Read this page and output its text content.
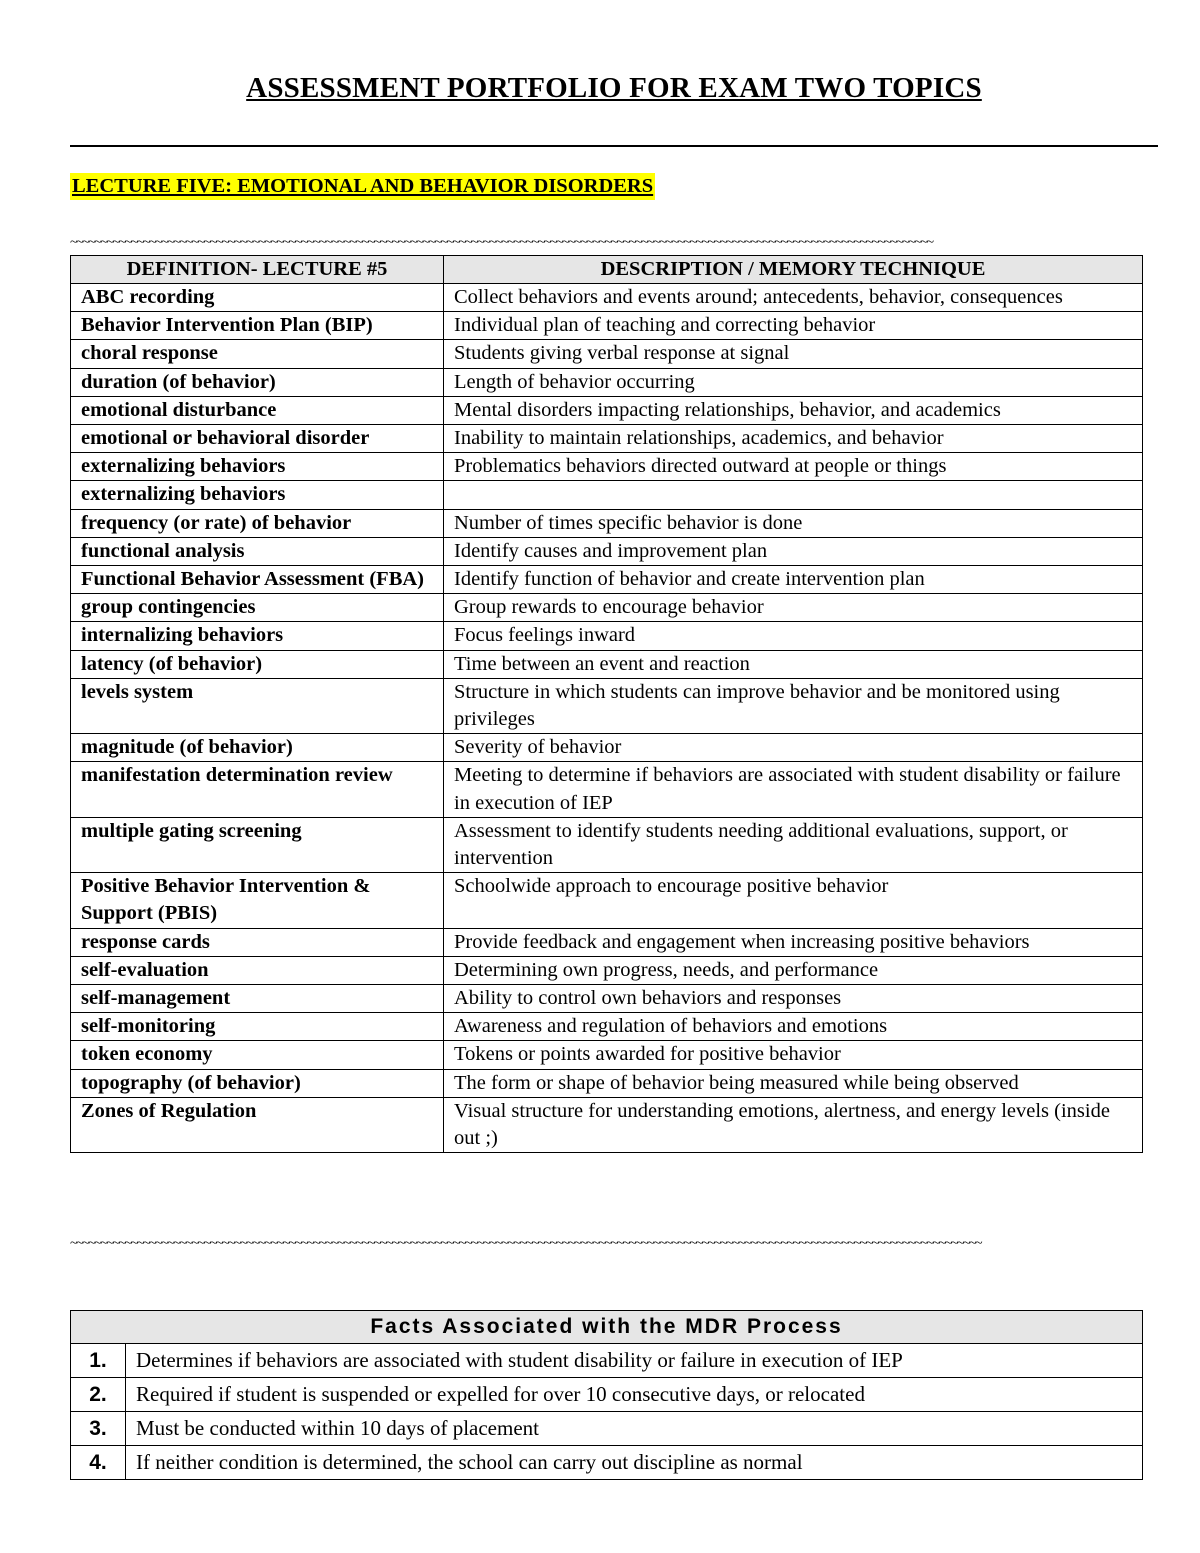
ASSESSMENT PORTFOLIO FOR EXAM TWO TOPICS
LECTURE FIVE: EMOTIONAL AND BEHAVIOR DISORDERS
~~~~~~~~~~~~~~~~~~~~~~~~~~~~~~~~~~~~~~~~~~~~~~~~~~~~~~~~~~~~~~~~~~~~~~~~~~~~~~~~~~~~~~~~~~~~~~~~~~~~~~~~~~~~~~~~~~~~~~~~~~~~~~~~~~~~~~~~~~~~~~
DEFINITION- LECTURE #5	DESCRIPTION / MEMORY TECHNIQUE
ABC recording	Collect behaviors and events around; antecedents, behavior, consequences
Behavior Intervention Plan (BIP)	Individual plan of teaching and correcting behavior
choral response	Students giving verbal response at signal
duration (of behavior)	Length of behavior occurring
emotional disturbance	Mental disorders impacting relationships, behavior, and academics
emotional or behavioral disorder	Inability to maintain relationships, academics, and behavior
externalizing behaviors	Problematics behaviors directed outward at people or things
externalizing behaviors	
frequency (or rate) of behavior	Number of times specific behavior is done
functional analysis	Identify causes and improvement plan
Functional Behavior Assessment (FBA)	Identify function of behavior and create intervention plan
group contingencies	Group rewards to encourage behavior
internalizing behaviors	Focus feelings inward
latency (of behavior)	Time between an event and reaction
levels system	Structure in which students can improve behavior and be monitored using privileges
magnitude (of behavior)	Severity of behavior
manifestation determination review	Meeting to determine if behaviors are associated with student disability or failure in execution of IEP
multiple gating screening	Assessment to identify students needing additional evaluations, support, or intervention
Positive Behavior Intervention & Support (PBIS)	Schoolwide approach to encourage positive behavior
response cards	Provide feedback and engagement when increasing positive behaviors
self-evaluation	Determining own progress, needs, and performance
self-management	Ability to control own behaviors and responses
self-monitoring	Awareness and regulation of behaviors and emotions
token economy	Tokens or points awarded for positive behavior
topography (of behavior)	The form or shape of behavior being measured while being observed
Zones of Regulation	Visual structure for understanding emotions, alertness, and energy levels (inside out ;)
~~~~~~~~~~~~~~~~~~~~~~~~~~~~~~~~~~~~~~~~~~~~~~~~~~~~~~~~~~~~~~~~~~~~~~~~~~~~~~~~~~~~~~~~~~~~~~~~~~~~~~~~~~~~~~~~~~~~~~~~~~~~~~~~~~~~~~~~~~~~~~~~~~~~~~
Facts Associated with the MDR Process	
1.	Determines if behaviors are associated with student disability or failure in execution of IEP
2.	Required if student is suspended or expelled for over 10 consecutive days, or relocated
3.	Must be conducted within 10 days of placement
4.	If neither condition is determined, the school can carry out discipline as normal
